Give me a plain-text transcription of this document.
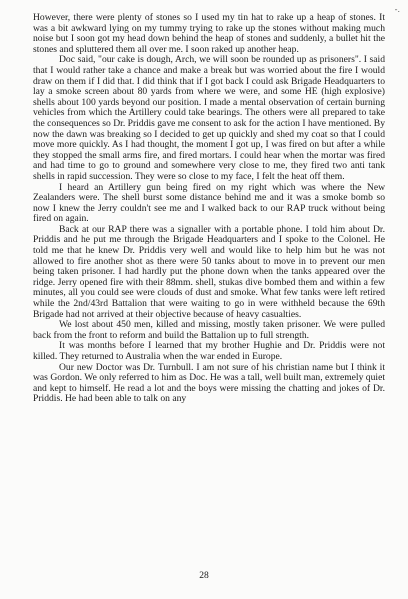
-.

However, there were plenty of stones so I used my tin hat to rake up a heap of stones. It was a bit awkward lying on my tummy trying to rake up the stones without making much noise but I soon got my head down behind the heap of stones and suddenly, a bullet hit the stones and spluttered them all over me. I soon raked up another heap.

Doc said, "our cake is dough, Arch, we will soon be rounded up as prisoners". I said that I would rather take a chance and make a break but was worried about the fire I would draw on them if I did that. I did think that if I got back I could ask Brigade Headquarters to lay a smoke screen about 80 yards from where we were, and some HE (high explosive) shells about 100 yards beyond our position. I made a mental observation of certain burning vehicles from which the Artillery could take bearings. The others were all prepared to take the consequences so Dr. Priddis gave me consent to ask for the action I have mentioned. By now the dawn was breaking so I decided to get up quickly and shed my coat so that I could move more quickly. As I had thought, the moment I got up, I was fired on but after a while they stopped the small arms fire, and fired mortars. I could hear when the mortar was fired and had time to go to ground and somewhere very close to me, they fired two anti tank shells in rapid succession. They were so close to my face, I felt the heat off them.

I heard an Artillery gun being fired on my right which was where the New Zealanders were. The shell burst some distance behind me and it was a smoke bomb so now I knew the Jerry couldn't see me and I walked back to our RAP truck without being fired on again.

Back at our RAP there was a signaller with a portable phone. I told him about Dr. Priddis and he put me through the Brigade Headquarters and I spoke to the Colonel. He told me that he knew Dr. Priddis very well and would like to help him but he was not allowed to fire another shot as there were 50 tanks about to move in to prevent our men being taken prisoner. I had hardly put the phone down when the tanks appeared over the ridge. Jerry opened fire with their 88mm. shell, stukas dive bombed them and within a few minutes, all you could see were clouds of dust and smoke. What few tanks were left retired while the 2nd/43rd Battalion that were waiting to go in were withheld because the 69th Brigade had not arrived at their objective because of heavy casualties.

We lost about 450 men, killed and missing, mostly taken prisoner. We were pulled back from the front to reform and build the Battalion up to full strength.

It was months before I learned that my brother Hughie and Dr. Priddis were not killed. They returned to Australia when the war ended in Europe.

Our new Doctor was Dr. Turnbull. I am not sure of his christian name but I think it was Gordon. We only referred to him as Doc. He was a tall, well built man, extremely quiet and kept to himself. He read a lot and the boys were missing the chatting and jokes of Dr. Priddis. He had been able to talk on any

28
